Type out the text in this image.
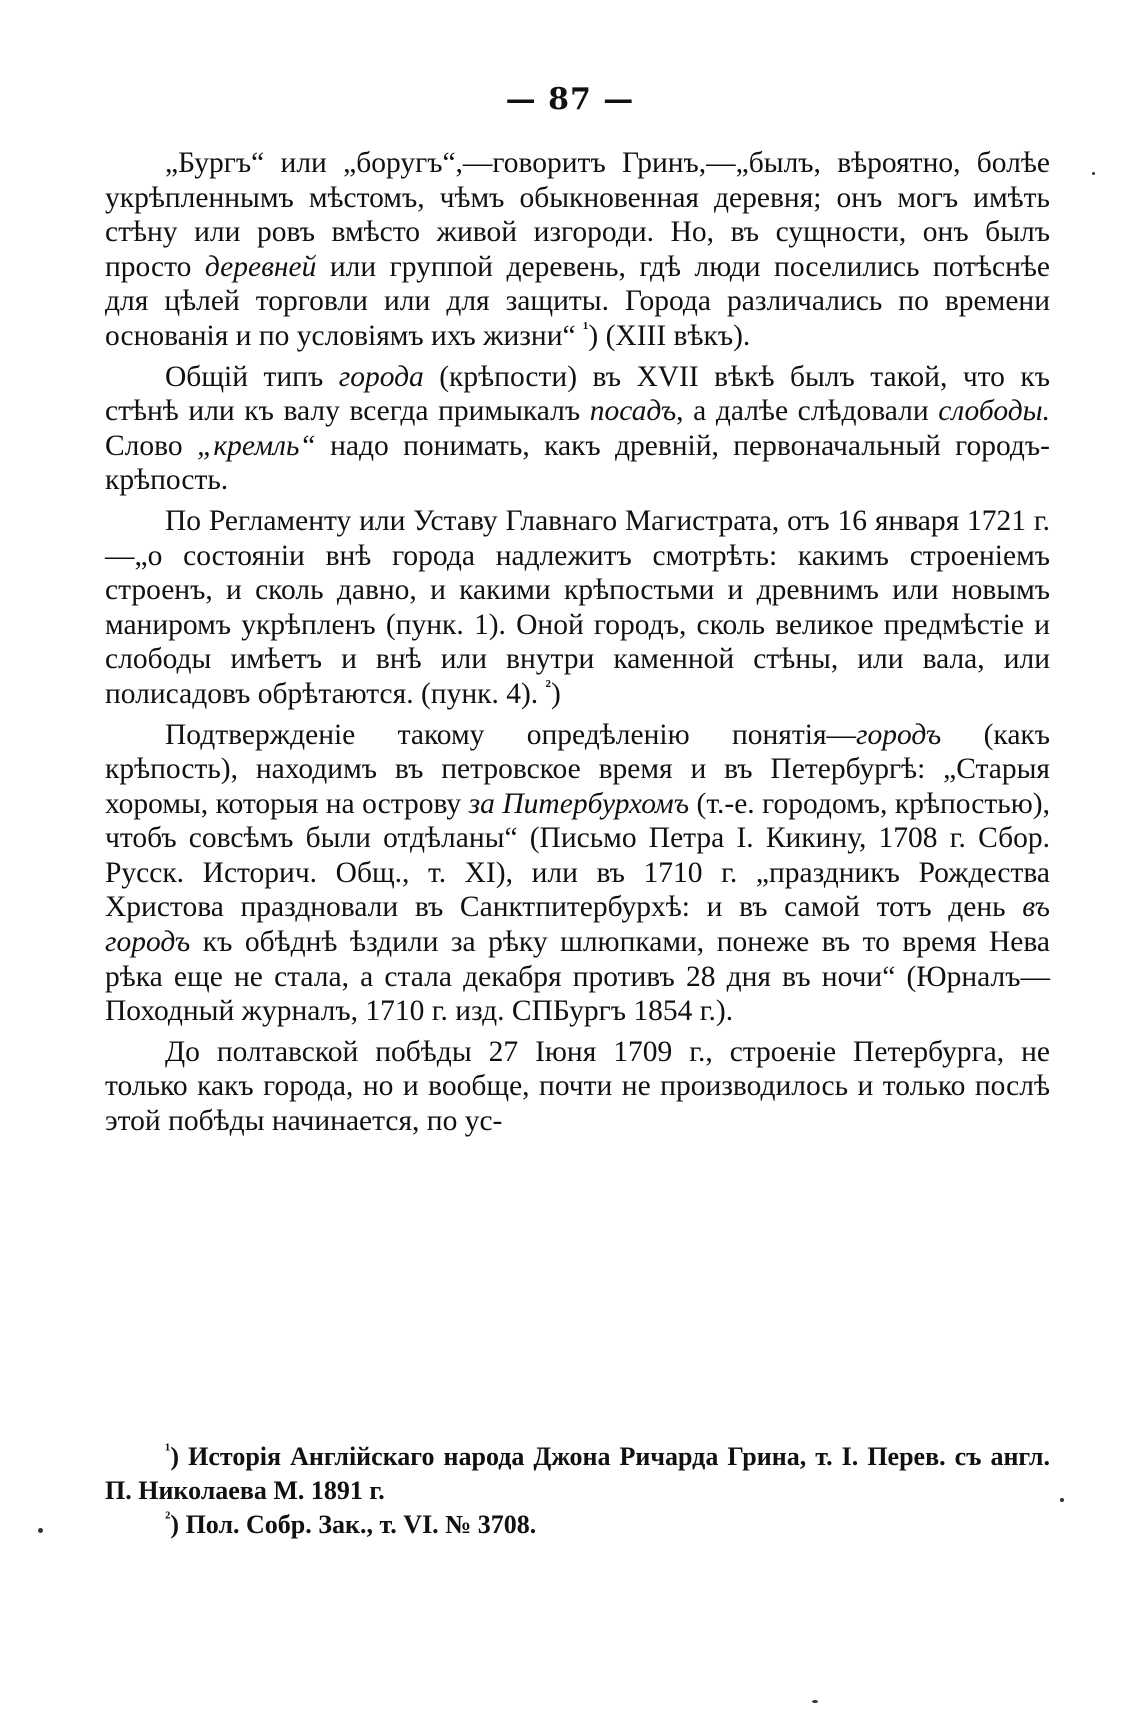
— 87 —

„Бургъ“ или „боругъ“,—говоритъ Гринъ,—„былъ, вѣроятно, болѣе укрѣпленнымъ мѣстомъ, чѣмъ обыкновенная деревня; онъ могъ имѣть стѣну или ровъ вмѣсто живой изгороди. Но, въ сущности, онъ былъ просто деревней или группой деревень, гдѣ люди поселились потѣснѣе для цѣлей торговли или для защиты. Города различались по времени основанія и по условіямъ ихъ жизни“ $^{^1}$) (XIII вѣкъ).

Общій типъ города (крѣпости) въ XVII вѣкѣ былъ такой, что къ стѣнѣ или къ валу всегда примыкалъ посадъ, а далѣе слѣдовали слободы. Слово „кремль“ надо понимать, какъ древній, первоначальный городъ-крѣпость.

По Регламенту или Уставу Главнаго Магистрата, отъ 16 января 1721 г.—„о состояніи внѣ города надлежитъ смотрѣть: какимъ строеніемъ строенъ, и сколь давно, и какими крѣпостьми и древнимъ или новымъ маниромъ укрѣпленъ (пунк. 1). Оной городъ, сколь великое предмѣстіе и слободы имѣетъ и внѣ или внутри каменной стѣны, или вала, или полисадовъ обрѣтаются. (пунк. 4). $^{^2}$)

Подтвержденіе такому опредѣленію понятія—городъ (какъ крѣпость), находимъ въ петровское время и въ Петербургѣ: „Старыя хоромы, которыя на острову за Питербурхомъ (т.-е. городомъ, крѣпостью), чтобъ совсѣмъ были отдѣланы“ (Письмо Петра I. Кикину, 1708 г. Сбор. Русск. Историч. Общ., т. XI), или въ 1710 г. „праздникъ Рождества Христова праздновали въ Санктпитербурхѣ: и въ самой тотъ день въ городъ къ обѣднѣ ѣздили за рѣку шлюпками, понеже въ то время Нева рѣка еще не стала, а стала декабря противъ 28 дня въ ночи“ (Юрналъ—Походный журналъ, 1710 г. изд. СПБургъ 1854 г.).

До полтавской побѣды 27 Іюня 1709 г., строеніе Петербурга, не только какъ города, но и вообще, почти не производилось и только послѣ этой побѣды начинается, по ус-

$^{^1}$) Исторія Англійскаго народа Джона Ричарда Грина, т. I. Перев. съ англ. П. Николаева М. 1891 г.

$^{^2}$) Пол. Собр. Зак., т. VI. № 3708.
